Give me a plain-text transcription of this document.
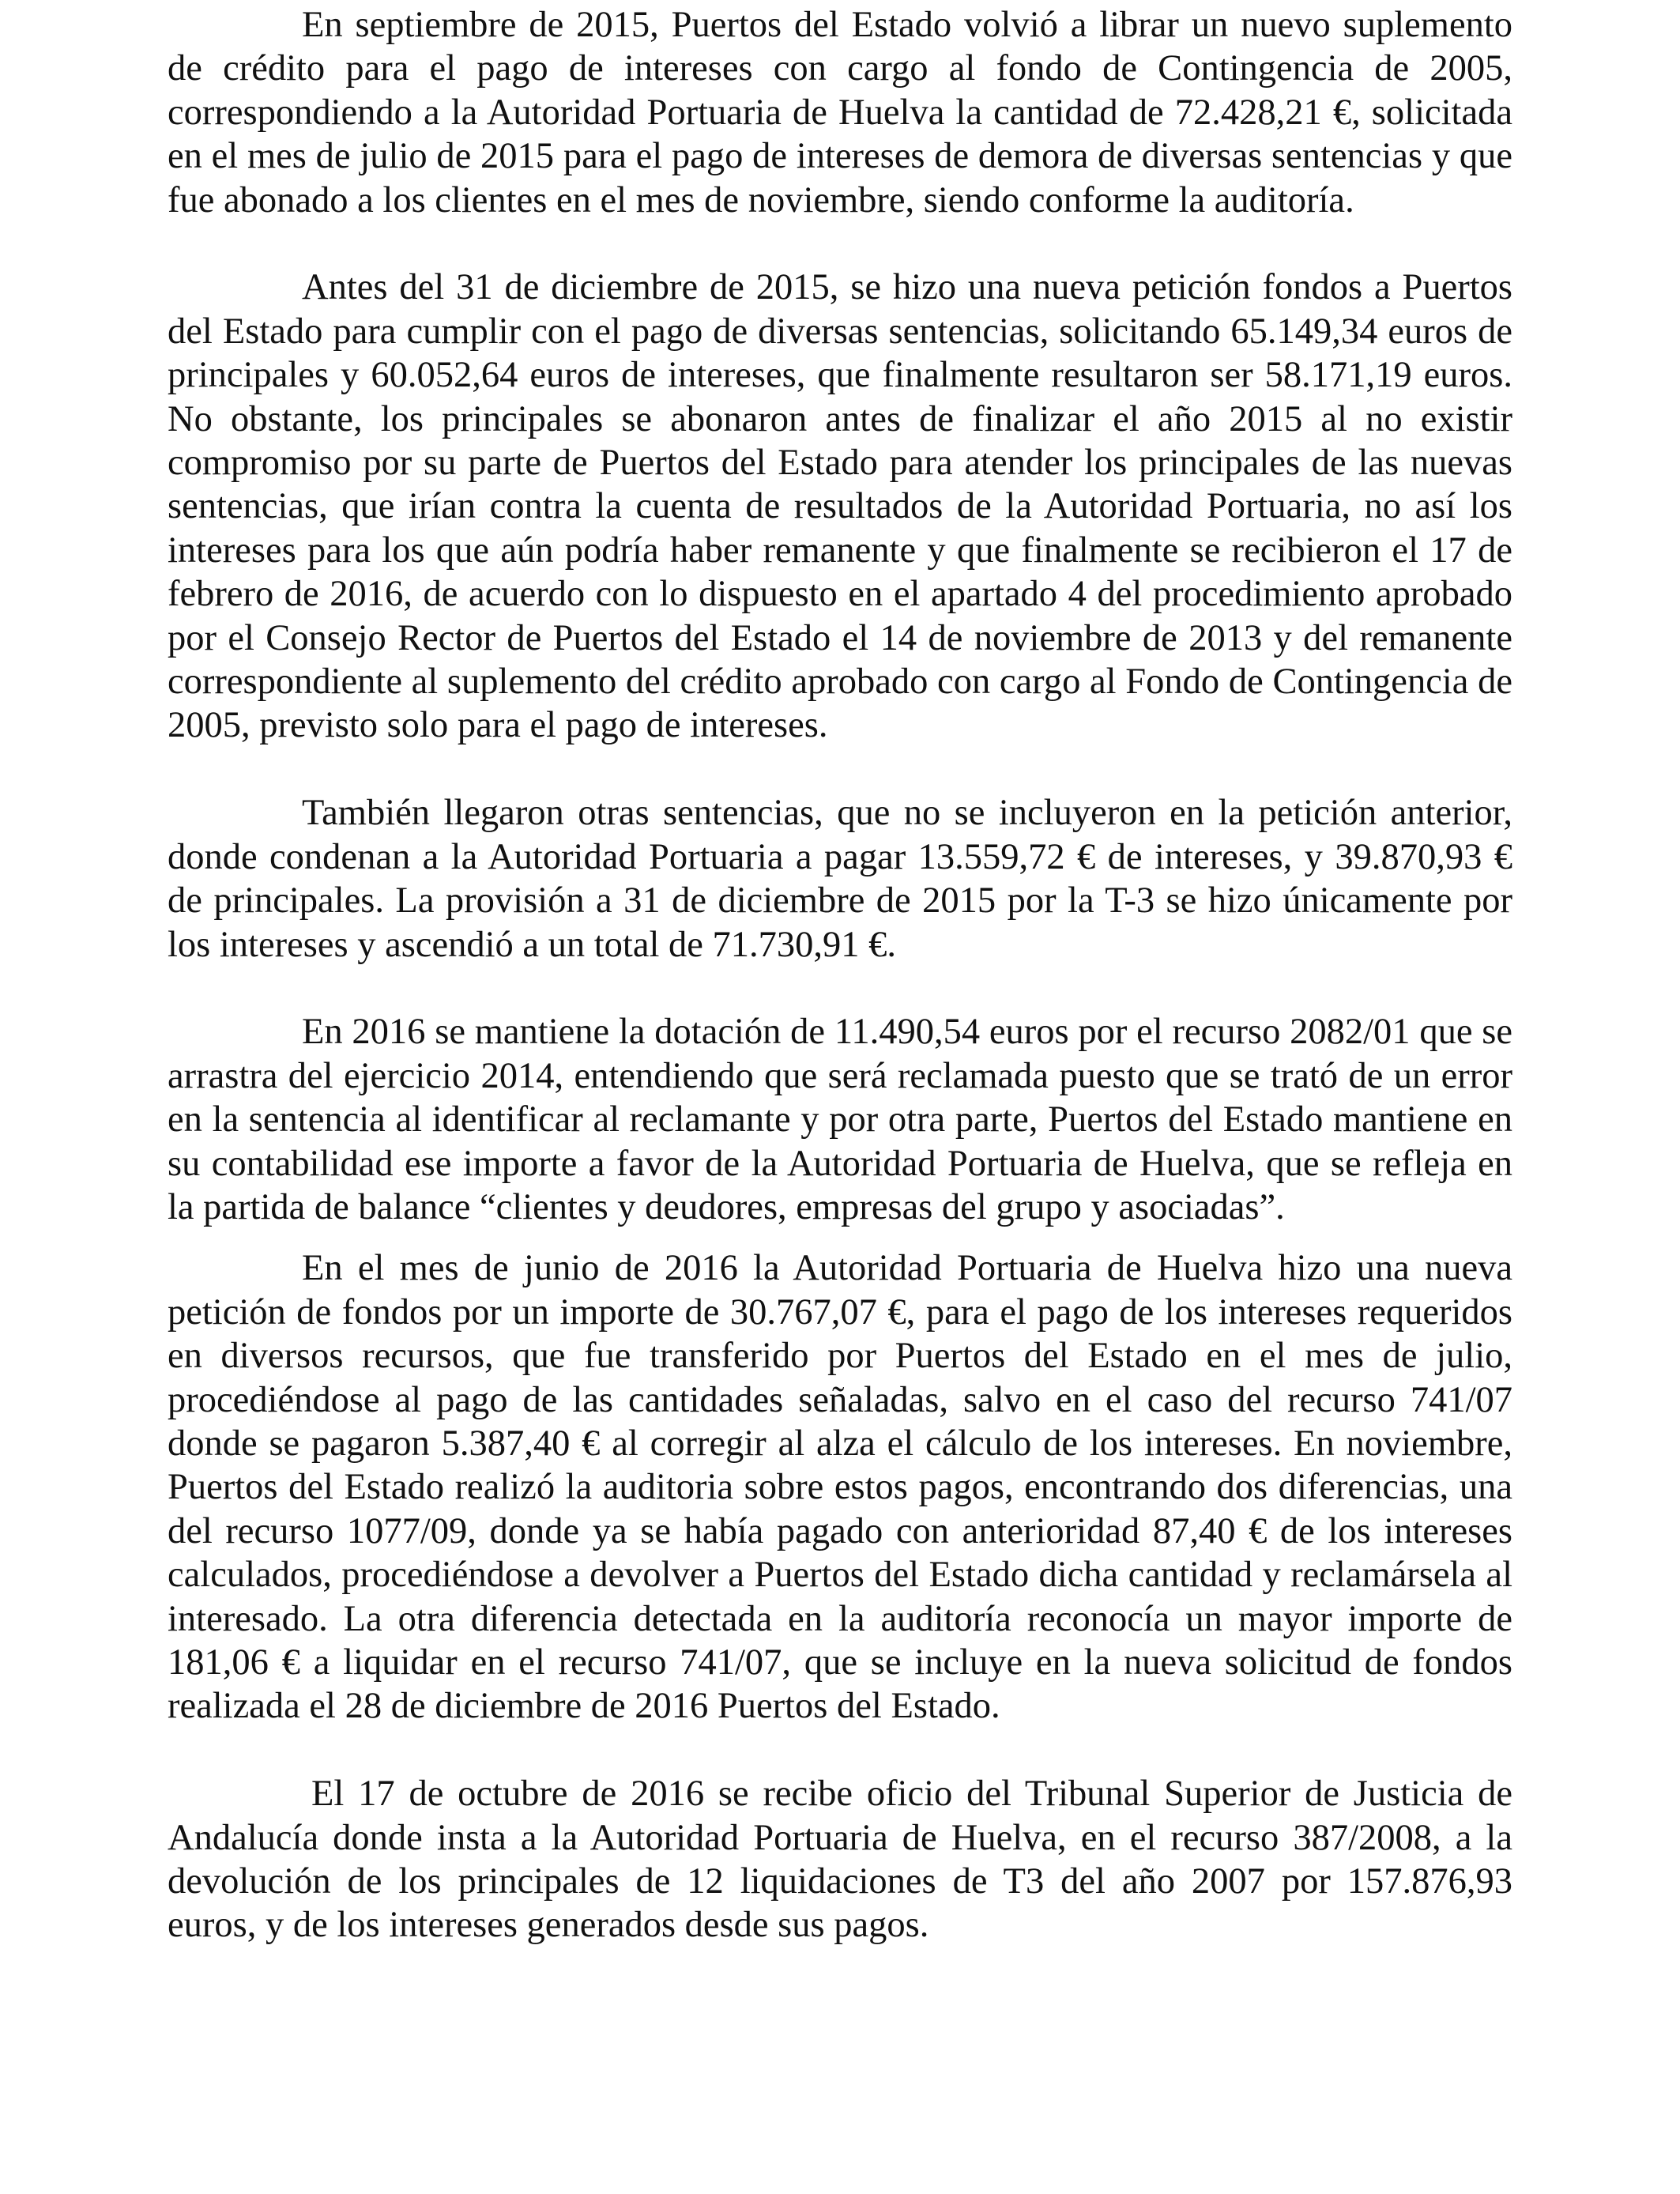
En septiembre de 2015, Puertos del Estado volvió a librar un nuevo suplemento de crédito para el pago de intereses con cargo al fondo de Contingencia de 2005, correspondiendo a la Autoridad Portuaria de Huelva la cantidad de 72.428,21 €, solicitada en el mes de julio de 2015 para el pago de intereses de demora de diversas sentencias y que fue abonado a los clientes en el mes de noviembre, siendo conforme la auditoría.

Antes del 31 de diciembre de 2015, se hizo una nueva petición fondos a Puertos del Estado para cumplir con el pago de diversas sentencias, solicitando 65.149,34 euros de principales y 60.052,64 euros de intereses, que finalmente resultaron ser 58.171,19 euros. No obstante, los principales se abonaron antes de finalizar el año 2015 al no existir compromiso por su parte de Puertos del Estado para atender los principales de las nuevas sentencias, que irían contra la cuenta de resultados de la Autoridad Portuaria, no así los intereses para los que aún podría haber remanente y que finalmente se recibieron el 17 de febrero de 2016, de acuerdo con lo dispuesto en el apartado 4 del procedimiento aprobado por el Consejo Rector de Puertos del Estado el 14 de noviembre de 2013 y del remanente correspondiente al suplemento del crédito aprobado con cargo al Fondo de Contingencia de 2005, previsto solo para el pago de intereses.

También llegaron otras sentencias, que no se incluyeron en la petición anterior, donde condenan a la Autoridad Portuaria a pagar 13.559,72 € de intereses, y 39.870,93 € de principales. La provisión a 31 de diciembre de 2015 por la T-3 se hizo únicamente por los intereses y ascendió a un total de 71.730,91 €.

En 2016 se mantiene la dotación de 11.490,54 euros por el recurso 2082/01 que se arrastra del ejercicio 2014, entendiendo que será reclamada puesto que se trató de un error en la sentencia al identificar al reclamante y por otra parte, Puertos del Estado mantiene en su contabilidad ese importe a favor de la Autoridad Portuaria de Huelva, que se refleja en la partida de balance “clientes y deudores, empresas del grupo y asociadas”.

En el mes de junio de 2016 la Autoridad Portuaria de Huelva hizo una nueva petición de fondos por un importe de 30.767,07 €, para el pago de los intereses requeridos en diversos recursos, que fue transferido por Puertos del Estado en el mes de julio, procediéndose al pago de las cantidades señaladas, salvo en el caso del recurso 741/07 donde se pagaron 5.387,40 € al corregir al alza el cálculo de los intereses. En noviembre, Puertos del Estado realizó la auditoria sobre estos pagos, encontrando dos diferencias, una del recurso 1077/09, donde ya se había pagado con anterioridad 87,40 € de los intereses calculados, procediéndose a devolver a Puertos del Estado dicha cantidad y reclamársela al interesado. La otra diferencia detectada en la auditoría reconocía un mayor importe de 181,06 € a liquidar en el recurso 741/07, que se incluye en la nueva solicitud de fondos realizada el 28 de diciembre de 2016 Puertos del Estado.

El 17 de octubre de 2016 se recibe oficio del Tribunal Superior de Justicia de Andalucía donde insta a la Autoridad Portuaria de Huelva, en el recurso 387/2008, a la devolución de los principales de 12 liquidaciones de T3 del año 2007 por 157.876,93 euros, y de los intereses generados desde sus pagos.
